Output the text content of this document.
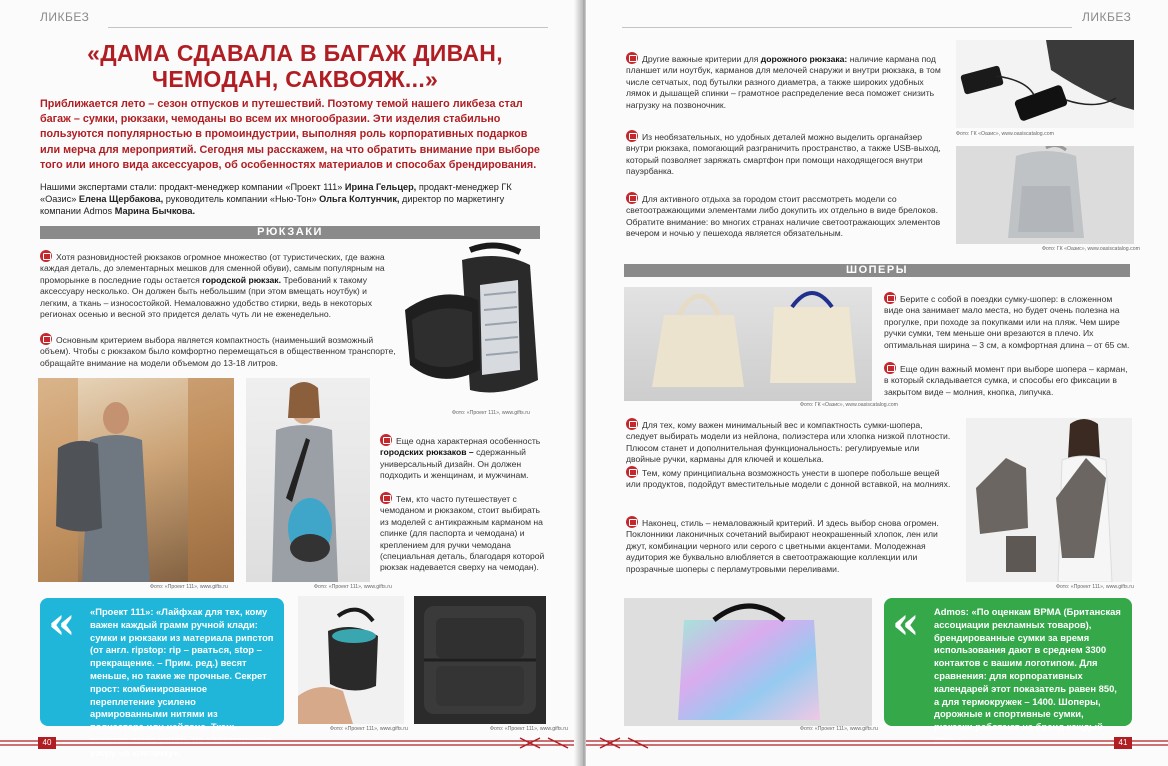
ЛИКБЕЗ
«ДАМА СДАВАЛА В БАГАЖ ДИВАН, ЧЕМОДАН, САКВОЯЖ...»
Приближается лето – сезон отпусков и путешествий. Поэтому темой нашего ликбеза стал багаж – сумки, рюкзаки, чемоданы во всем их многообразии. Эти изделия стабильно пользуются популярностью в промоиндустрии, выполняя роль корпоративных подарков или мерча для мероприятий. Сегодня мы расскажем, на что обратить внимание при выборе того или иного вида аксессуаров, об особенностях материалов и способах брендирования.
Нашими экспертами стали: продакт-менеджер компании «Проект 111» Ирина Гельцер, продакт-менеджер ГК «Оазис» Елена Щербакова, руководитель компании «Нью-Тон» Ольга Колтунчик, директор по маркетингу компании Admos Марина Бычкова.
РЮКЗАКИ
Хотя разновидностей рюкзаков огромное множество (от туристических, где важна каждая деталь, до элементарных мешков для сменной обуви), самым популярным на промоpынке в последние годы остается городской рюкзак. Требований к такому аксессуару несколько. Он должен быть небольшим (при этом вмещать ноутбук) и легким, а ткань – износостойкой. Немаловажно удобство стирки, ведь в некоторых регионах осенью и весной это придется делать чуть ли не еженедельно.
Основным критерием выбора является компактность (наименьший возможный объем). Чтобы с рюкзаком было комфортно перемещаться в общественном транспорте, обращайте внимание на модели объемом до 13-18 литров.
Фото: «Проект 111», www.gifts.ru
Фото: «Проект 111», www.gifts.ru	Фото: «Проект 111», www.gifts.ru
Еще одна характерная особенность городских рюкзаков – сдержанный универсальный дизайн. Он должен подходить и женщинам, и мужчинам.
Тем, кто часто путешествует с чемоданом и рюкзаком, стоит выбирать из моделей с антикражным карманом на спинке (для паспорта и чемодана) и креплением для ручки чемодана (специальная деталь, благодаря которой рюкзак надевается сверху на чемодан).
« «Проект 111»: «Лайфхак для тех, кому важен каждый грамм ручной клади: сумки и рюкзаки из материала рипстоп (от англ. ripstop: rip – рваться, stop – прекращение. – Прим. ред.) весят меньше, но такие же прочные. Секрет прост: комбинированное переплетение усилено армированными нитями из полиэстера или нейлона. Ткань рипстоп легко узнать по характерному узору «в клеточку».
Фото: «Проект 111», www.gifts.ru	Фото: «Проект 111», www.gifts.ru
40
ЛИКБЕЗ
Другие важные критерии для дорожного рюкзака: наличие кармана под планшет или ноутбук, карманов для мелочей снаружи и внутри рюкзака, в том числе сетчатых, под бутылки разного диаметра, а также широких удобных лямок и дышащей спинки – грамотное распределение веса поможет снизить нагрузку на позвоночник.
Фото: ГК «Оазис», www.oasiscatalog.com
Из необязательных, но удобных деталей можно выделить органайзер внутри рюкзака, помогающий разграничить пространство, а также USB-выход, который позволяет заряжать смартфон при помощи находящегося внутри пауэрбанка.
Фото: ГК «Оазис», www.oasiscatalog.com
Для активного отдыха за городом стоит рассмотреть модели со светоотражающими элементами либо докупить их отдельно в виде брелоков. Обратите внимание: во многих странах наличие светоотражающих элементов вечером и ночью у пешехода является обязательным.
ШОПЕРЫ
Фото: ГК «Оазис», www.oasiscatalog.com
Берите с собой в поездки сумку-шопер: в сложенном виде она занимает мало места, но будет очень полезна на прогулке, при походе за покупками или на пляж. Чем шире ручки сумки, тем меньше они врезаются в плечо. Их оптимальная ширина – 3 см, а комфортная длина – от 65 см.
Еще один важный момент при выборе шопера – карман, в который складывается сумка, и способы его фиксации в закрытом виде – молния, кнопка, липучка.
Для тех, кому важен минимальный вес и компактность сумки-шопера, следует выбирать модели из нейлона, полиэстера или хлопка низкой плотности. Плюсом станет и дополнительная функциональность: регулируемые или двойные ручки, карманы для ключей и кошелька.
Тем, кому принципиальна возможность унести в шопере побольше вещей или продуктов, подойдут вместительные модели с донной вставкой, на молниях.
Наконец, стиль – немаловажный критерий. И здесь выбор снова огромен. Поклонники лаконичных сочетаний выбирают неокрашенный хлопок, лен или джут, комбинации черного или серого с цветными акцентами. Молодежная аудитория же буквально влюбляется в светоотражающие коллекции или прозрачные шоперы с перламутровыми переливами.
Фото: «Проект 111», www.gifts.ru
Фото: «Проект 111», www.gifts.ru
« Admos: «По оценкам BPMA (Британская ассоциации рекламных товаров), брендированные сумки за время использования дают в среднем 3300 контактов с вашим логотипом. Для сравнения: для корпоративных календарей этот показатель равен 850, а для термокружек – 1400. Шоперы, дорожные и спортивные сумки, рюкзаки работают на бренд каждый день».	41
